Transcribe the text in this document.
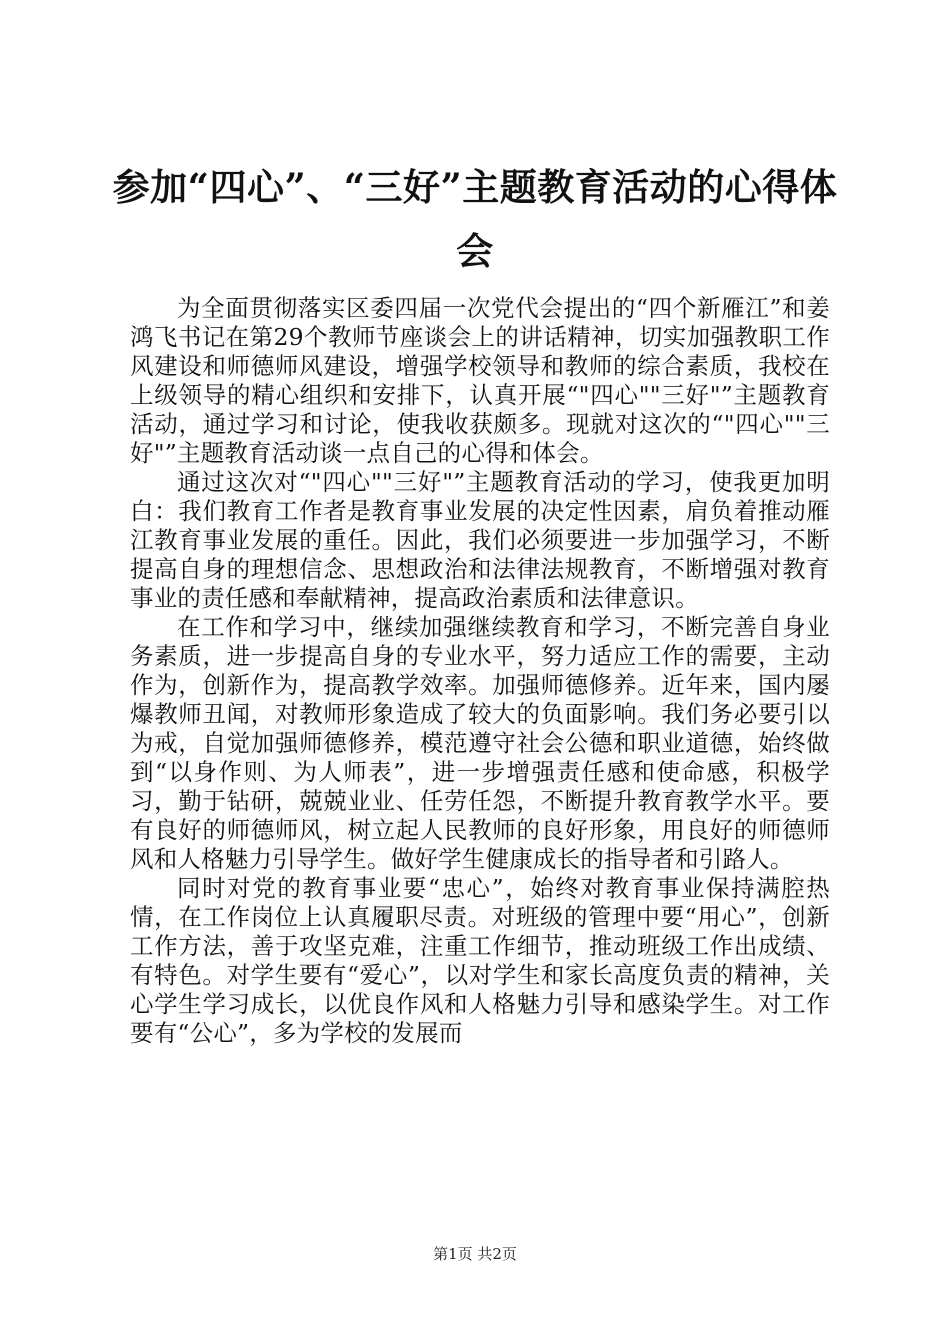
参加“四心”、“三好”主题教育活动的心得体会

为全面贯彻落实区委四届一次党代会提出的“四个新雁江”和姜鸿飞书记在第29个教师节座谈会上的讲话精神，切实加强教职工作风建设和师德师风建设，增强学校领导和教师的综合素质，我校在上级领导的精心组织和安排下，认真开展“"四心""三好"”主题教育活动，通过学习和讨论，使我收获颇多。现就对这次的“"四心""三好"”主题教育活动谈一点自己的心得和体会。

通过这次对“"四心""三好"”主题教育活动的学习，使我更加明白：我们教育工作者是教育事业发展的决定性因素，肩负着推动雁江教育事业发展的重任。因此，我们必须要进一步加强学习，不断提高自身的理想信念、思想政治和法律法规教育，不断增强对教育事业的责任感和奉献精神，提高政治素质和法律意识。

在工作和学习中，继续加强继续教育和学习，不断完善自身业务素质，进一步提高自身的专业水平，努力适应工作的需要，主动作为，创新作为，提高教学效率。加强师德修养。近年来，国内屡爆教师丑闻，对教师形象造成了较大的负面影响。我们务必要引以为戒，自觉加强师德修养，模范遵守社会公德和职业道德，始终做到“以身作则、为人师表”，进一步增强责任感和使命感，积极学习，勤于钻研，兢兢业业、任劳任怨，不断提升教育教学水平。要有良好的师德师风，树立起人民教师的良好形象，用良好的师德师风和人格魅力引导学生。做好学生健康成长的指导者和引路人。

同时对党的教育事业要“忠心”，始终对教育事业保持满腔热情，在工作岗位上认真履职尽责。对班级的管理中要“用心”，创新工作方法，善于攻坚克难，注重工作细节，推动班级工作出成绩、有特色。对学生要有“爱心”，以对学生和家长高度负责的精神，关心学生学习成长，以优良作风和人格魅力引导和感染学生。对工作要有“公心”，多为学校的发展而

第1页 共2页
